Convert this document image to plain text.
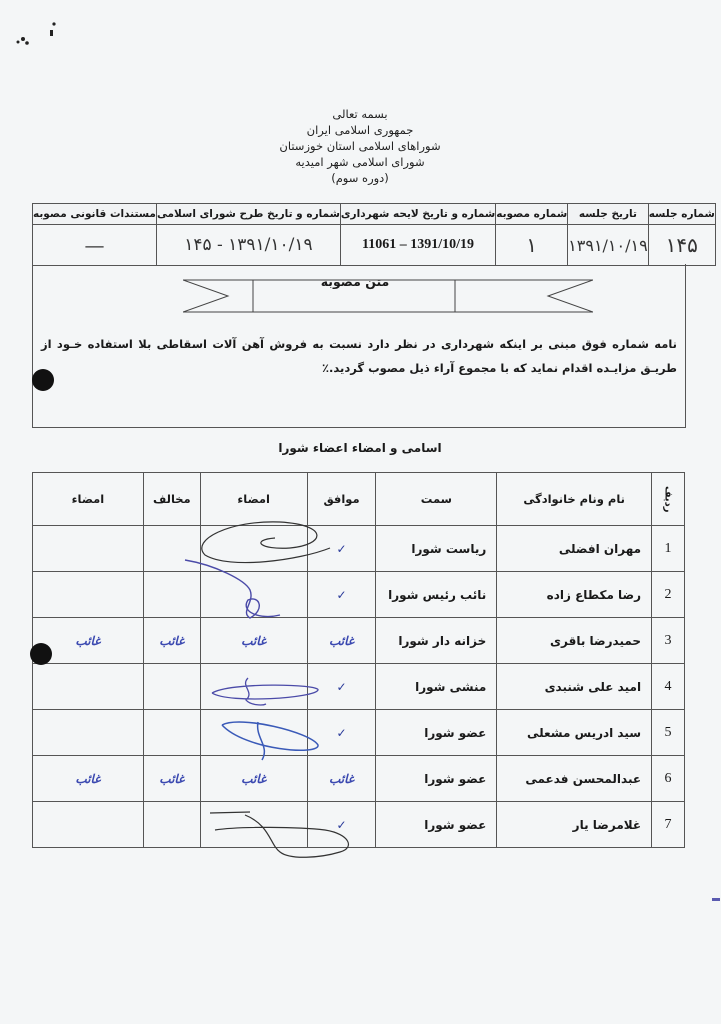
بسمه تعالی
جمهوری اسلامی ایران
شوراهای اسلامی استان خوزستان
شورای اسلامی شهر امیدیه
(دوره سوم)
شماره جلسه	تاریخ جلسه	شماره مصوبه	شماره و تاریخ لایحه شهرداری	شماره و تاریخ طرح شورای اسلامی	مستندات قانونی مصوبه
۱۴۵	۱۳۹۱/۱۰/۱۹	۱	1391/10/19 – 11061	۱۳۹۱/۱۰/۱۹ - ۱۴۵	—
متن مصوبه
نامه شماره فوق مبنی بر اینکه شهرداری در نظر دارد نسبت به فروش آهن آلات اسقاطی بلا استفاده خـود از طریـق مزایـده اقدام نماید که با مجموع آراء ذیل مصوب گردید.٪
اسامی و امضاء اعضاء شورا
ردیف	نام ونام خانوادگی	سمت	موافق	امضاء	مخالف	امضاء
1	مهران افضلی	ریاست شورا	✓			
2	رضا مکطاع زاده	نائب رئیس شورا	✓			
3	حمیدرضا باقری	خزانه دار شورا	غائب	غائب	غائب	غائب
4	امید علی شنبدی	منشی شورا	✓			
5	سید ادریس مشعلی	عضو شورا	✓			
6	عبدالمحسن فدعمی	عضو شورا	غائب	غائب	غائب	غائب
7	غلامرضا یار	عضو شورا	✓			
